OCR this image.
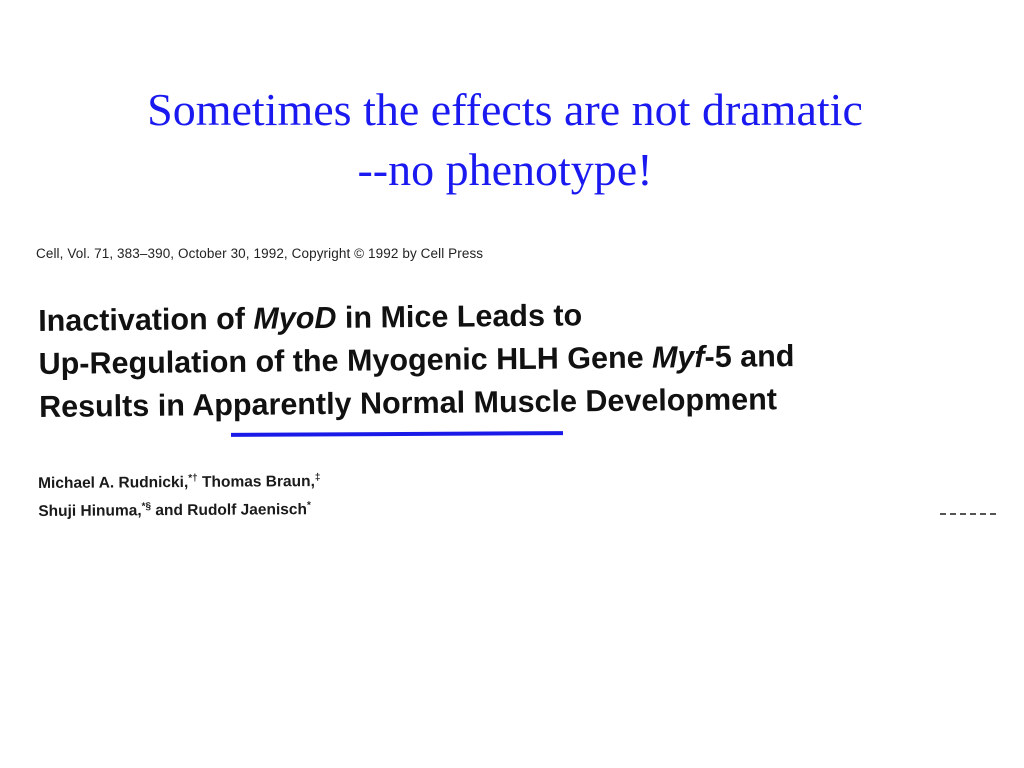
Sometimes the effects are not dramatic
--no phenotype!
Cell, Vol. 71, 383–390, October 30, 1992, Copyright © 1992 by Cell Press
Inactivation of MyoD in Mice Leads to
Up-Regulation of the Myogenic HLH Gene Myf-5 and
Results in Apparently Normal Muscle Development
Michael A. Rudnicki,*† Thomas Braun,‡
Shuji Hinuma,*§ and Rudolf Jaenisch*
